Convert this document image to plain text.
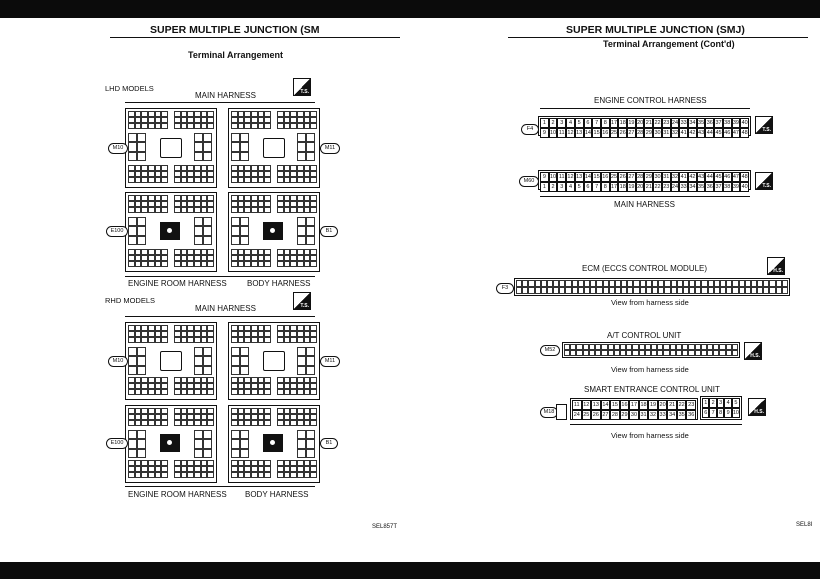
SUPER MULTIPLE JUNCTION (SM
Terminal Arrangement
LHD MODELS
MAIN HARNESS	T.S.
M10	M11
E100	B1
ENGINE ROOM HARNESS	BODY HARNESS
RHD MODELS
MAIN HARNESS	T.S.
M10	M11
E100	B1
ENGINE ROOM HARNESS BODY HARNESS
SEL857T
SUPER MULTIPLE JUNCTION (SMJ)
Terminal Arrangement (Cont'd)
ENGINE CONTROL HARNESS
F4
1	2	3	4	5	6	7	8 17 18 19 20 21 22 23 24 33 34 35 36 37 38 39 40
9 10 11 12 13 14 15 16 25 26 27 28 29 30 31 32 41 42 43 44 45 46 47 48	T.S.
M60
9 10 11 12 13 14 15 16 25 26 27 28 29 30 31 32 41 42 43 44 45 46 47 48
1	2	3	4	5	6	7	8 17 18 19 20 21 22 23 24 33 34 35 36 37 38 39 40	T.S.
MAIN HARNESS
ECM (ECCS CONTROL MODULE)	H.S.
F3
View from harness side
A/T CONTROL UNIT
M52
H.S.
View from harness side
SMART ENTRANCE CONTROL UNIT
M18
11 12 13 14 15 16 17 18 19 20 21 22 23
24 25 26 27 28 29 30 31 32 33 34 35 36
1 2 3 4 5
6 7 8 9 10	H.S.
View from harness side
SEL8I
